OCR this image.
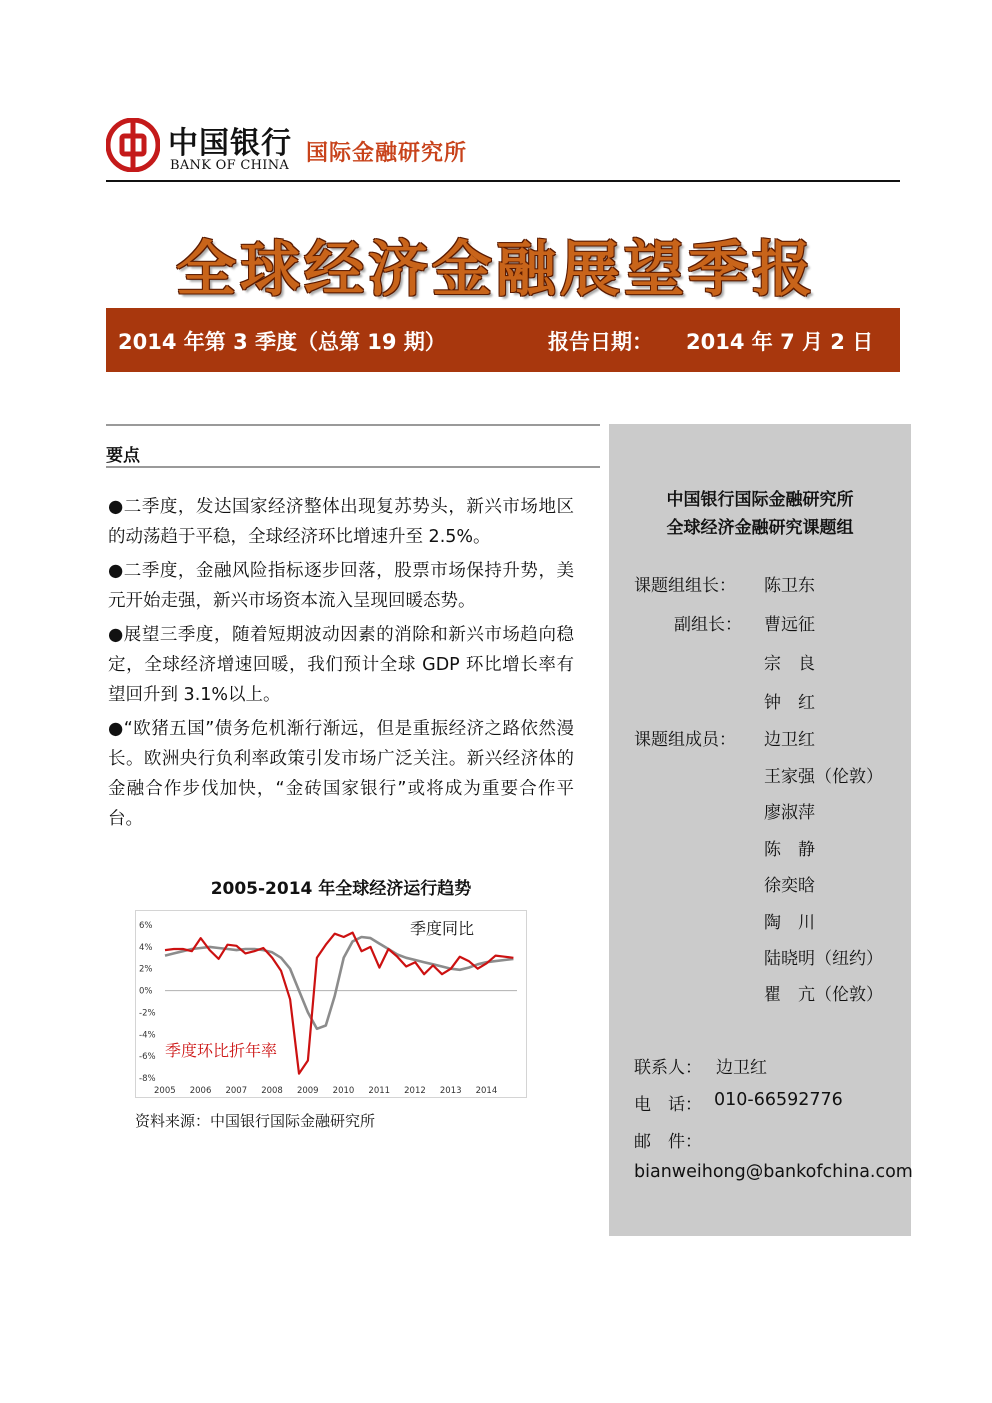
中国银行
BANK OF CHINA 国际金融研究所
全球经济金融展望季报
2014 年第 3 季度（总第 19 期）	报告日期： 2014 年 7 月 2 日
要点
●二季度，发达国家经济整体出现复苏势头，新兴市场地区的动荡趋于平稳，全球经济环比增速升至 2.5%。
●二季度，金融风险指标逐步回落，股票市场保持升势，美元开始走强，新兴市场资本流入呈现回暖态势。
●展望三季度，随着短期波动因素的消除和新兴市场趋向稳定，全球经济增速回暖，我们预计全球 GDP 环比增长率有望回升到 3.1%以上。
●“欧猪五国”债务危机渐行渐远，但是重振经济之路依然漫长。欧洲央行负利率政策引发市场广泛关注。新兴经济体的金融合作步伐加快，“金砖国家银行”或将成为重要合作平台。
2005-2014 年全球经济运行趋势
6%
4%
2%
0%
-2%
-4%
-6%
-8%
2005 2006 2007 2008 2009 2010 2011 2012 2013 2014
季度同比
季度环比折年率
资料来源：中国银行国际金融研究所
中国银行国际金融研究所
全球经济金融研究课题组
课题组组长： 陈卫东
副组长： 曹远征
宗　良
钟　红
课题组成员： 边卫红
王家强（伦敦）
廖淑萍
陈　静
徐奕晗
陶　川
陆晓明（纽约）
瞿　亢（伦敦）
联系人： 边卫红
电　话： 010-66592776
邮　件：
bianweihong@bankofchina.com
